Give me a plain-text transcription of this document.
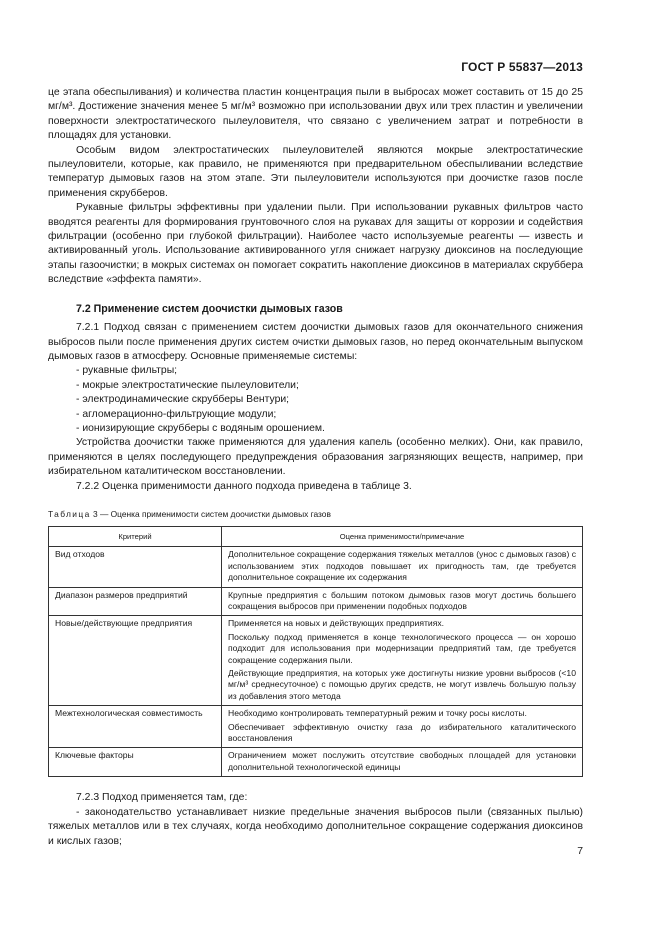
ГОСТ Р 55837—2013

це этапа обеспыливания) и количества пластин концентрация пыли в выбросах может составить от 15 до 25 мг/м³. Достижение значения менее 5 мг/м³ возможно при использовании двух или трех пластин и увеличении поверхности электростатического пылеуловителя, что связано с увеличением затрат и потребности в площадях для установки.

Особым видом электростатических пылеуловителей являются мокрые электростатические пылеуловители, которые, как правило, не применяются при предварительном обеспыливании вследствие температур дымовых газов на этом этапе. Эти пылеуловители используются при доочистке газов после применения скрубберов.

Рукавные фильтры эффективны при удалении пыли. При использовании рукавных фильтров часто вводятся реагенты для формирования грунтовочного слоя на рукавах для защиты от коррозии и содействия фильтрации (особенно при глубокой фильтрации). Наиболее часто используемые реагенты — известь и активированный уголь. Использование активированного угля снижает нагрузку диоксинов на последующие этапы газоочистки; в мокрых системах он помогает сократить накопление диоксинов в материалах скруббера вследствие «эффекта памяти».

7.2 Применение систем доочистки дымовых газов

7.2.1 Подход связан с применением систем доочистки дымовых газов для окончательного снижения выбросов пыли после применения других систем очистки дымовых газов, но перед окончательным выпуском дымовых газов в атмосферу. Основные применяемые системы:

- рукавные фильтры;
- мокрые электростатические пылеуловители;
- электродинамические скрубберы Вентури;
- агломерационно-фильтрующие модули;
- ионизирующие скрубберы с водяным орошением.

Устройства доочистки также применяются для удаления капель (особенно мелких). Они, как правило, применяются в целях последующего предупреждения образования загрязняющих веществ, например, при избирательном каталитическом восстановлении.

7.2.2 Оценка применимости данного подхода приведена в таблице 3.

Таблица 3 — Оценка применимости систем доочистки дымовых газов
Критерий	Оценка применимости/примечание
Вид отходов	Дополнительное сокращение содержания тяжелых металлов (унос с дымовых газов) с использованием этих подходов повышает их пригодность там, где требуется дополнительное сокращение их содержания

Диапазон размеров предприятий	Крупные предприятия с большим потоком дымовых газов могут достичь большего сокращения выбросов при применении подобных подходов

Новые/действующие предприятия	Применяется на новых и действующих предприятиях.

Поскольку подход применяется в конце технологического процесса — он хорошо подходит для использования при модернизации предприятий там, где требуется сокращение содержания пыли.

Действующие предприятия, на которых уже достигнуты низкие уровни выбросов (<10 мг/м³ среднесуточное) с помощью других средств, не могут извлечь большую пользу из добавления этого метода

Межтехнологическая совместимость	Необходимо контролировать температурный режим и точку росы кислоты.

Обеспечивает эффективную очистку газа до избирательного каталитического восстановления

Ключевые факторы	Ограничением может послужить отсутствие свободных площадей для установки дополнительной технологической единицы

7.2.3 Подход применяется там, где:

- законодательство устанавливает низкие предельные значения выбросов пыли (связанных пылью) тяжелых металлов или в тех случаях, когда необходимо дополнительное сокращение содержания диоксинов и кислых газов;

7
